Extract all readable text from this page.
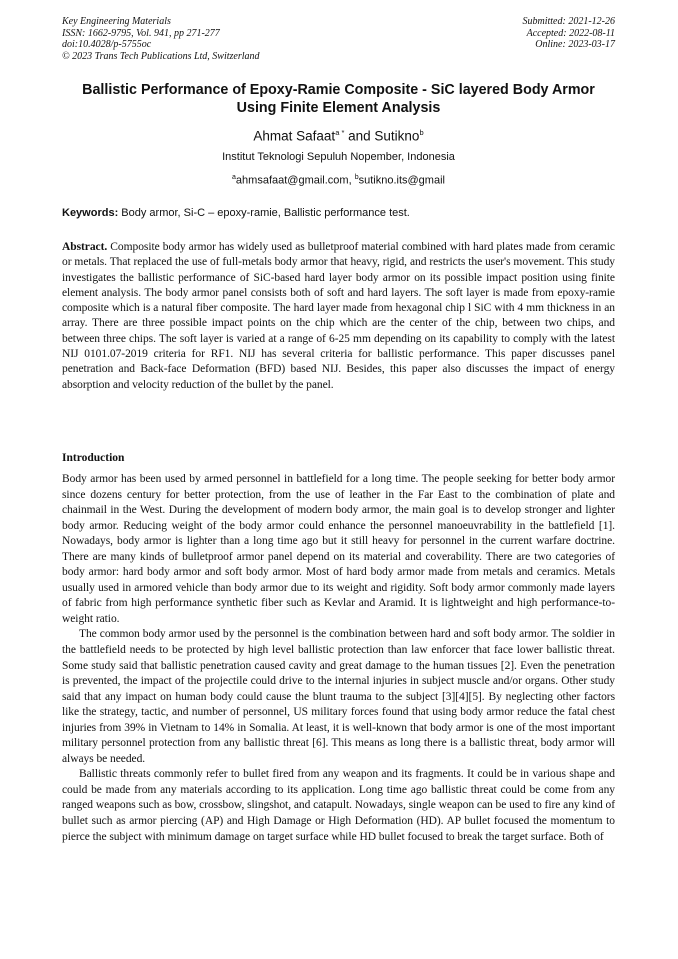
Key Engineering Materials
ISSN: 1662-9795, Vol. 941, pp 271-277
doi:10.4028/p-5755oc
© 2023 Trans Tech Publications Ltd, Switzerland
Submitted: 2021-12-26
Accepted: 2022-08-11
Online: 2023-03-17
Ballistic Performance of Epoxy-Ramie Composite - SiC layered Body Armor Using Finite Element Analysis
Ahmat Safaat$^{a *}$ and Sutikno$^b$
Institut Teknologi Sepuluh Nopember, Indonesia
$^a$ahmsafaat@gmail.com, $^b$sutikno.its@gmail
Keywords: Body armor, Si-C – epoxy-ramie, Ballistic performance test.

Abstract. Composite body armor has widely used as bulletproof material combined with hard plates made from ceramic or metals. That replaced the use of full-metals body armor that heavy, rigid, and restricts the user's movement. This study investigates the ballistic performance of SiC-based hard layer body armor on its possible impact position using finite element analysis. The body armor panel consists both of soft and hard layers. The soft layer is made from epoxy-ramie composite which is a natural fiber composite. The hard layer made from hexagonal chip l SiC with 4 mm thickness in an array. There are three possible impact points on the chip which are the center of the chip, between two chips, and between three chips. The soft layer is varied at a range of 6-25 mm depending on its capability to comply with the latest NIJ 0101.07-2019 criteria for RF1. NIJ has several criteria for ballistic performance. This paper discusses panel penetration and Back-face Deformation (BFD) based NIJ. Besides, this paper also discusses the impact of energy absorption and velocity reduction of the bullet by the panel.

Introduction

Body armor has been used by armed personnel in battlefield for a long time. The people seeking for better body armor since dozens century for better protection, from the use of leather in the Far East to the combination of plate and chainmail in the West. During the development of modern body armor, the main goal is to develop stronger and lighter body armor. Reducing weight of the body armor could enhance the personnel manoeuvrability in the battlefield [1]. Nowadays, body armor is lighter than a long time ago but it still heavy for personnel in the current warfare doctrine. There are many kinds of bulletproof armor panel depend on its material and coverability. There are two categories of body armor: hard body armor and soft body armor. Most of hard body armor made from metals and ceramics. Metals usually used in armored vehicle than body armor due to its weight and rigidity. Soft body armor commonly made layers of fabric from high performance synthetic fiber such as Kevlar and Aramid. It is lightweight and high performance-to-weight ratio.

The common body armor used by the personnel is the combination between hard and soft body armor. The soldier in the battlefield needs to be protected by high level ballistic protection than law enforcer that face lower ballistic threat. Some study said that ballistic penetration caused cavity and great damage to the human tissues [2]. Even the penetration is prevented, the impact of the projectile could drive to the internal injuries in subject muscle and/or organs. Other study said that any impact on human body could cause the blunt trauma to the subject [3][4][5]. By neglecting other factors like the strategy, tactic, and number of personnel, US military forces found that using body armor reduce the fatal chest injuries from 39% in Vietnam to 14% in Somalia. At least, it is well-known that body armor is one of the most important military personnel protection from any ballistic threat [6]. This means as long there is a ballistic threat, body armor will always be needed.

Ballistic threats commonly refer to bullet fired from any weapon and its fragments. It could be in various shape and could be made from any materials according to its application. Long time ago ballistic threat could be come from any ranged weapons such as bow, crossbow, slingshot, and catapult. Nowadays, single weapon can be used to fire any kind of bullet such as armor piercing (AP) and High Damage or High Deformation (HD). AP bullet focused the momentum to pierce the subject with minimum damage on target surface while HD bullet focused to break the target surface. Both of
